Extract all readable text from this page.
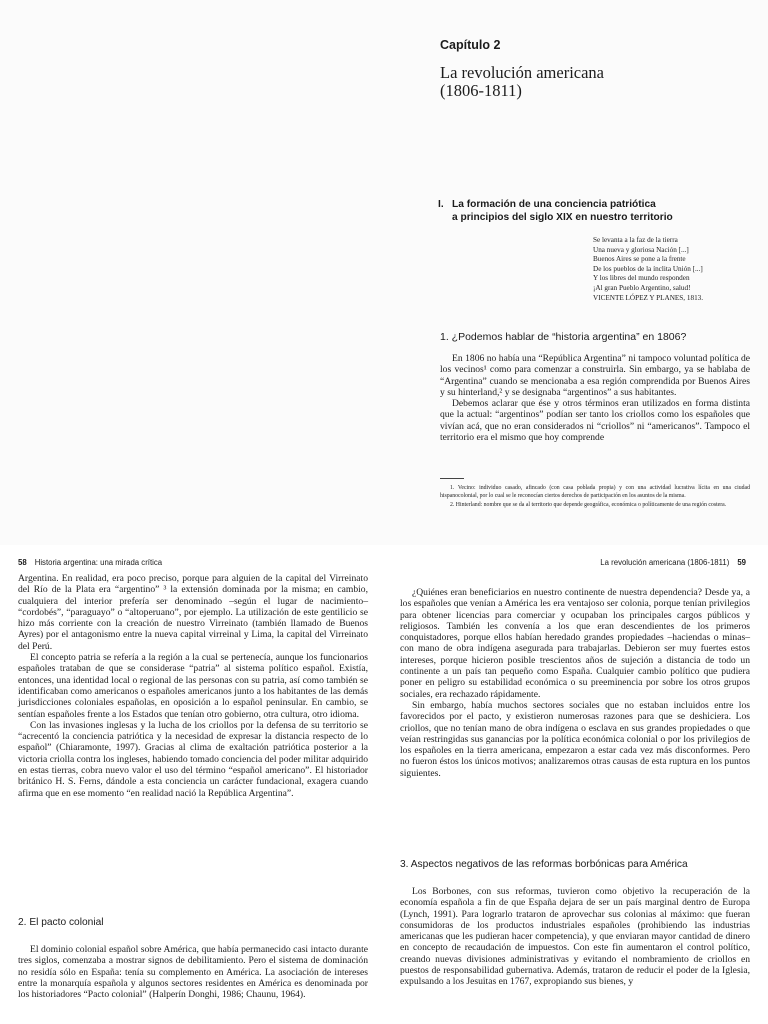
Capítulo 2
La revolución americana
(1806-1811)
I. La formación de una conciencia patriótica
a principios del siglo XIX en nuestro territorio
Se levanta a la faz de la tierra
Una nueva y gloriosa Nación [...]
Buenos Aires se pone a la frente
De los pueblos de la ínclita Unión [...]
Y los libres del mundo responden
¡Al gran Pueblo Argentino, salud!
VICENTE LÓPEZ Y PLANES, 1813.
1. ¿Podemos hablar de “historia argentina” en 1806?

En 1806 no había una “República Argentina” ni tampoco voluntad política de los vecinos¹ como para comenzar a construirla. Sin embargo, ya se hablaba de “Argentina” cuando se mencionaba a esa región comprendida por Buenos Aires y su hinterland,² y se designaba “argentinos” a sus habitantes.

Debemos aclarar que ése y otros términos eran utilizados en forma distinta que la actual: “argentinos” podían ser tanto los criollos como los españoles que vivían acá, que no eran considerados ni “criollos” ni “americanos”. Tampoco el territorio era el mismo que hoy comprende

1. Vecino: individuo casado, afincado (con casa poblada propia) y con una actividad lucrativa lícita en una ciudad hispanocolonial, por lo cual se le reconocían ciertos derechos de participación en los asuntos de la misma.

2. Hinterland: nombre que se da al territorio que depende geográfica, económica o políticamente de una región costera.

58 Historia argentina: una mirada crítica	La revolución americana (1806-1811) 59

Argentina. En realidad, era poco preciso, porque para alguien de la capital del Virreinato del Río de la Plata era “argentino” ³ la extensión dominada por la misma; en cambio, cualquiera del interior prefería ser denominado –según el lugar de nacimiento– “cordobés”, “paraguayo” o “altoperuano”, por ejemplo. La utilización de este gentilicio se hizo más corriente con la creación de nuestro Virreinato (también llamado de Buenos Ayres) por el antagonismo entre la nueva capital virreinal y Lima, la capital del Virreinato del Perú.

El concepto patria se refería a la región a la cual se pertenecía, aunque los funcionarios españoles trataban de que se considerase “patria” al sistema político español. Existía, entonces, una identidad local o regional de las personas con su patria, así como también se identificaban como americanos o españoles americanos junto a los habitantes de las demás jurisdicciones coloniales españolas, en oposición a lo español peninsular. En cambio, se sentían españoles frente a los Estados que tenían otro gobierno, otra cultura, otro idioma.

Con las invasiones inglesas y la lucha de los criollos por la defensa de su territorio se “acrecentó la conciencia patriótica y la necesidad de expresar la distancia respecto de lo español” (Chiaramonte, 1997). Gracias al clima de exaltación patriótica posterior a la victoria criolla contra los ingleses, habiendo tomado conciencia del poder militar adquirido en estas tierras, cobra nuevo valor el uso del término “español americano”. El historiador británico H. S. Ferns, dándole a esta conciencia un carácter fundacional, exagera cuando afirma que en ese momento “en realidad nació la República Argentina”.

2. El pacto colonial

El dominio colonial español sobre América, que había permanecido casi intacto durante tres siglos, comenzaba a mostrar signos de debilitamiento. Pero el sistema de dominación no residía sólo en España: tenía su complemento en América. La asociación de intereses entre la monarquía española y algunos sectores residentes en América es denominada por los historiadores “Pacto colonial” (Halperín Donghi, 1986; Chaunu, 1964).

¿Quiénes eran beneficiarios en nuestro continente de nuestra dependencia? Desde ya, a los españoles que venían a América les era ventajoso ser colonia, porque tenían privilegios para obtener licencias para comerciar y ocupaban los principales cargos públicos y religiosos. También les convenía a los que eran descendientes de los primeros conquistadores, porque ellos habían heredado grandes propiedades –haciendas o minas– con mano de obra indígena asegurada para trabajarlas. Debieron ser muy fuertes estos intereses, porque hicieron posible trescientos años de sujeción a distancia de todo un continente a un país tan pequeño como España. Cualquier cambio político que pudiera poner en peligro su estabilidad económica o su preeminencia por sobre los otros grupos sociales, era rechazado rápidamente.

Sin embargo, había muchos sectores sociales que no estaban incluidos entre los favorecidos por el pacto, y existieron numerosas razones para que se deshiciera. Los criollos, que no tenían mano de obra indígena o esclava en sus grandes propiedades o que veían restringidas sus ganancias por la política económica colonial o por los privilegios de los españoles en la tierra americana, empezaron a estar cada vez más disconformes. Pero no fueron éstos los únicos motivos; analizaremos otras causas de esta ruptura en los puntos siguientes.

3. Aspectos negativos de las reformas borbónicas para América

Los Borbones, con sus reformas, tuvieron como objetivo la recuperación de la economía española a fin de que España dejara de ser un país marginal dentro de Europa (Lynch, 1991). Para lograrlo trataron de aprovechar sus colonias al máximo: que fueran consumidoras de los productos industriales españoles (prohibiendo las industrias americanas que les pudieran hacer competencia), y que enviaran mayor cantidad de dinero en concepto de recaudación de impuestos. Con este fin aumentaron el control político, creando nuevas divisiones administrativas y evitando el nombramiento de criollos en puestos de responsabilidad gubernativa. Además, trataron de reducir el poder de la Iglesia, expulsando a los Jesuitas en 1767, expropiando sus bienes, y
